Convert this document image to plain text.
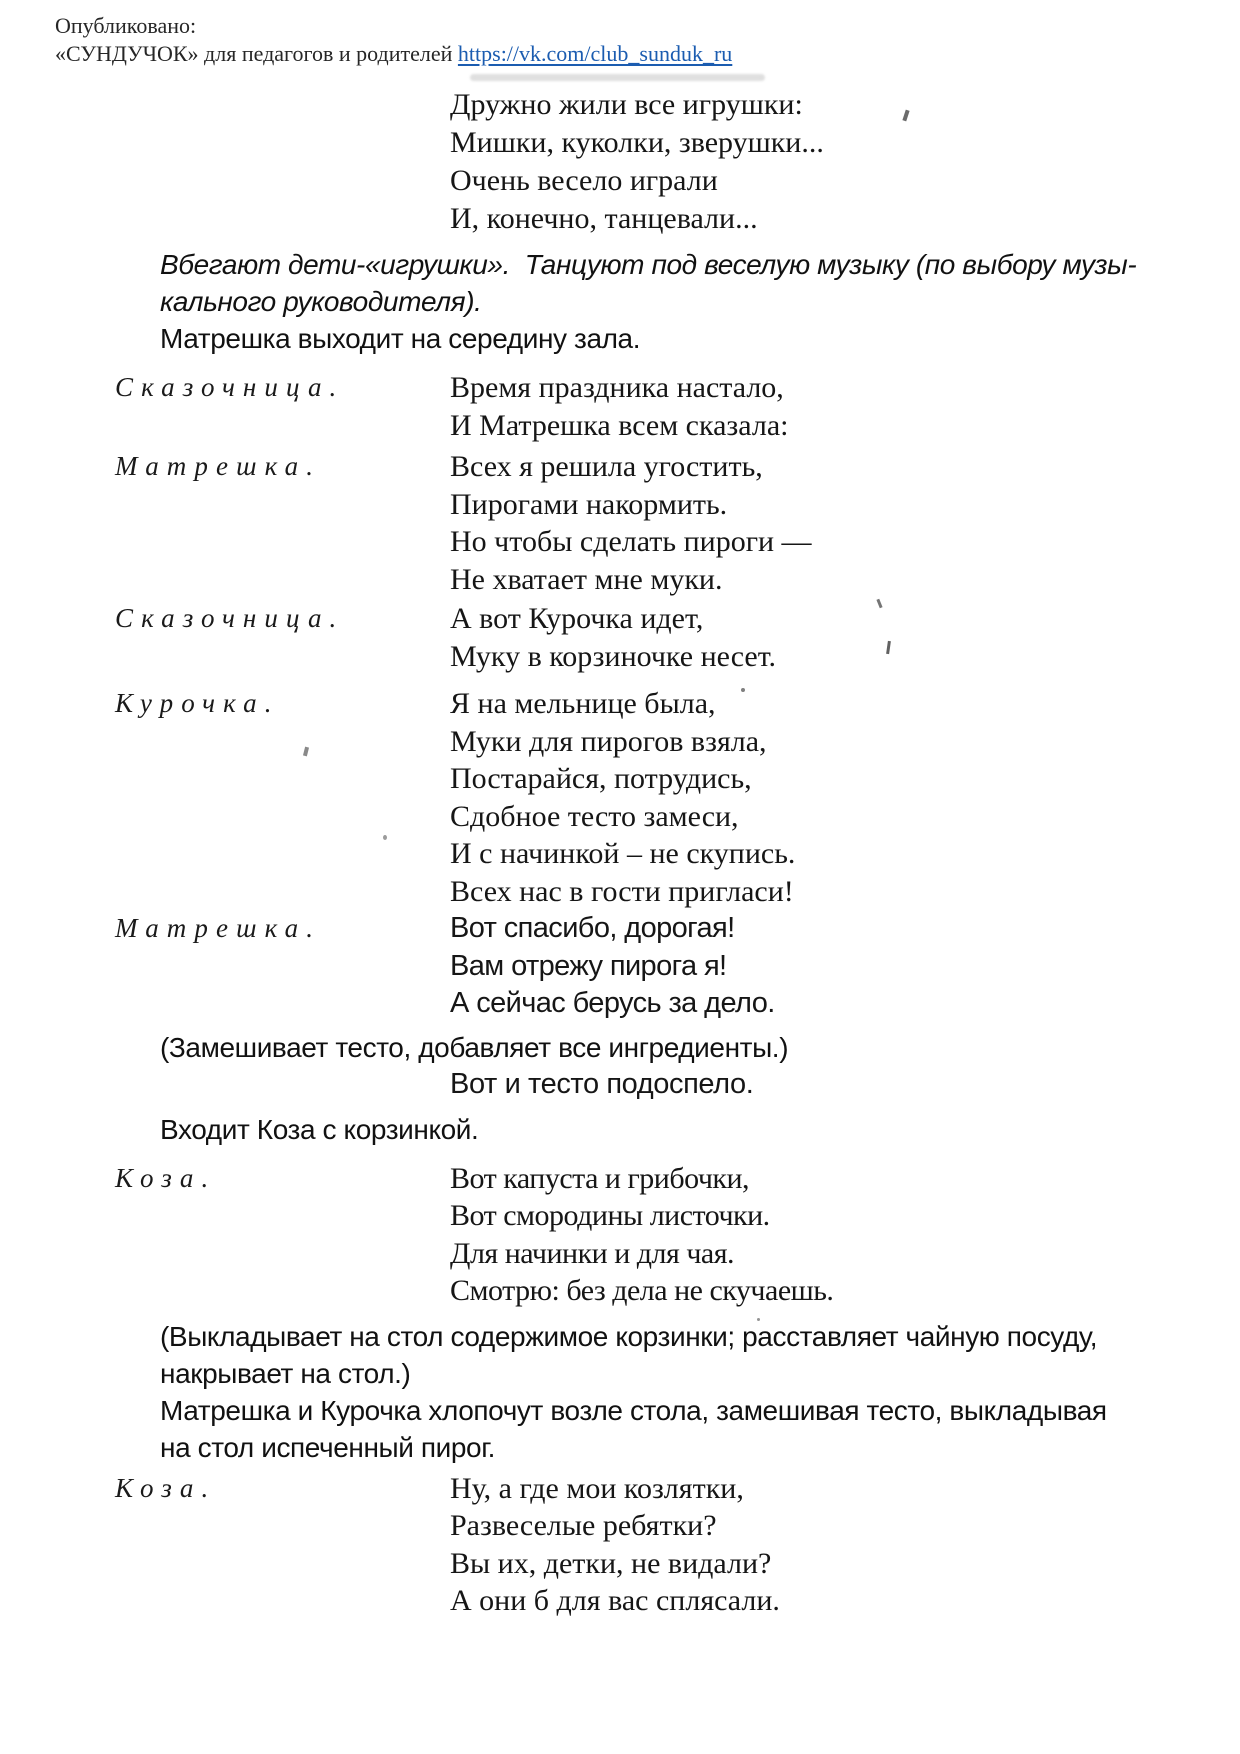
Опубликовано:
«СУНДУЧОК» для педагогов и родителей https://vk.com/club_sunduk_ru
Дружно жили все игрушки:
Мишки, куколки, зверушки...
Очень весело играли
И, конечно, танцевали...
Вбегают дети-«игрушки».  Танцуют под веселую музыку (по выбору музы-
кального руководителя).
Матрешка выходит на середину зала.
Сказочница.	Время праздника настало,
И Матрешка всем сказала:
Матрешка.	Всех я решила угостить,
Пирогами накормить.
Но чтобы сделать пироги —
Не хватает мне муки.
Сказочница.	А вот Курочка идет,
Муку в корзиночке несет.
Курочка.	Я на мельнице была,
Муки для пирогов взяла,
Постарайся, потрудись,
Сдобное тесто замеси,
И с начинкой – не скупись.
Всех нас в гости пригласи!
Матрешка.	Вот спасибо, дорогая!
Вам отрежу пирога я!
А сейчас берусь за дело.
(Замешивает тесто, добавляет все ингредиенты.)
Вот и тесто подоспело.
Входит Коза с корзинкой.
Коза.	Вот капуста и грибочки,
Вот смородины листочки.
Для начинки и для чая.
Смотрю: без дела не скучаешь.
(Выкладывает на стол содержимое корзинки; расставляет чайную посуду,
накрывает на стол.)
Матрешка и Курочка хлопочут возле стола, замешивая тесто, выкладывая
на стол испеченный пирог.
Коза.	Ну, а где мои козлятки,
Развеселые ребятки?
Вы их, детки, не видали?
А они б для вас сплясали.
